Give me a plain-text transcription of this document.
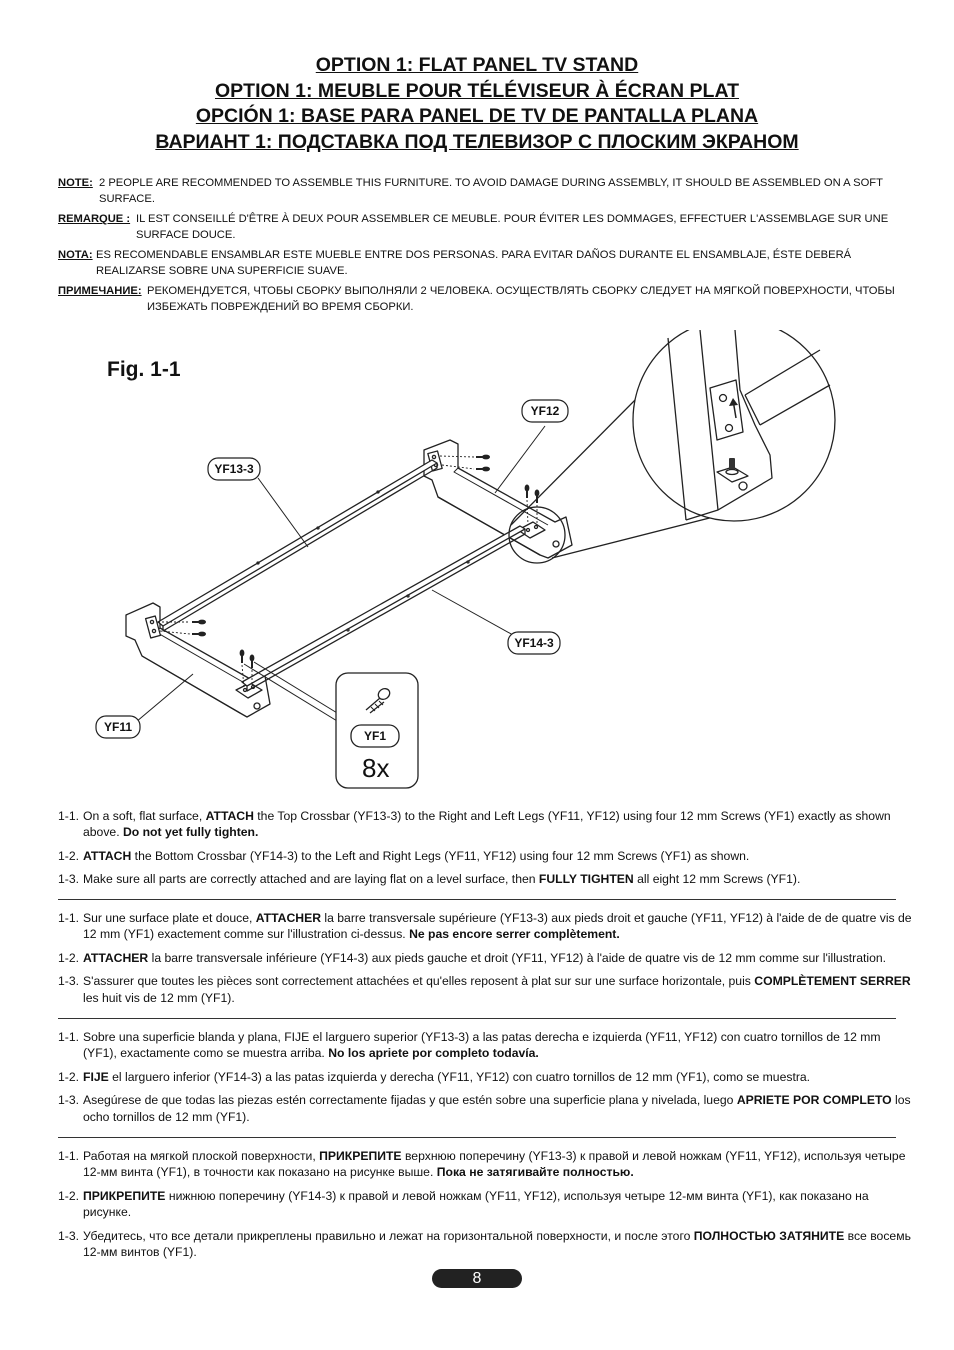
OPTION 1: FLAT PANEL TV STAND
OPTION 1: MEUBLE POUR TÉLÉVISEUR À ÉCRAN PLAT
OPCIÓN 1: BASE PARA PANEL DE TV DE PANTALLA PLANA
ВАРИАНТ 1: ПОДСТАВКА ПОД ТЕЛЕВИЗОР С ПЛОСКИМ ЭКРАНОМ
NOTE: 2 PEOPLE ARE RECOMMENDED TO ASSEMBLE THIS FURNITURE. TO AVOID DAMAGE DURING ASSEMBLY, IT SHOULD BE ASSEMBLED ON A SOFT SURFACE.
REMARQUE : IL EST CONSEILLÉ D'ÊTRE À DEUX POUR ASSEMBLER CE MEUBLE. POUR ÉVITER LES DOMMAGES, EFFECTUER L'ASSEMBLAGE SUR UNE SURFACE DOUCE.
NOTA: ES RECOMENDABLE ENSAMBLAR ESTE MUEBLE ENTRE DOS PERSONAS. PARA EVITAR DAÑOS DURANTE EL ENSAMBLAJE, ÉSTE DEBERÁ REALIZARSE SOBRE UNA SUPERFICIE SUAVE.
ПРИМЕЧАНИЕ: РЕКОМЕНДУЕТСЯ, ЧТОБЫ СБОРКУ ВЫПОЛНЯЛИ 2 ЧЕЛОВЕКА. ОСУЩЕСТВЛЯТЬ СБОРКУ СЛЕДУЕТ НА МЯГКОЙ ПОВЕРХНОСТИ, ЧТОБЫ ИЗБЕЖАТЬ ПОВРЕЖДЕНИЙ ВО ВРЕМЯ СБОРКИ.
Fig. 1-1
YF12
YF13-3
YF14-3
YF11
YF1
8x
1-1. On a soft, flat surface, ATTACH the Top Crossbar (YF13-3) to the Right and Left Legs (YF11, YF12) using four 12 mm Screws (YF1) exactly as shown above. Do not yet fully tighten.
1-2. ATTACH the Bottom Crossbar (YF14-3) to the Left and Right Legs (YF11, YF12) using four 12 mm Screws (YF1) as shown.
1-3. Make sure all parts are correctly attached and are laying flat on a level surface, then FULLY TIGHTEN all eight 12 mm Screws (YF1).
1-1. Sur une surface plate et douce, ATTACHER la barre transversale supérieure (YF13-3) aux pieds droit et gauche (YF11, YF12) à l'aide de de quatre vis de 12 mm (YF1) exactement comme sur l'illustration ci-dessus. Ne pas encore serrer complètement.
1-2. ATTACHER la barre transversale inférieure (YF14-3) aux pieds gauche et droit (YF11, YF12) à l'aide de quatre vis de 12 mm comme sur l'illustration.
1-3. S'assurer que toutes les pièces sont correctement attachées et qu'elles reposent à plat sur sur une surface horizontale, puis COMPLÈTEMENT SERRER les huit vis de 12 mm (YF1).
1-1. Sobre una superficie blanda y plana, FIJE el larguero superior (YF13-3) a las patas derecha e izquierda (YF11, YF12) con cuatro tornillos de 12 mm (YF1), exactamente como se muestra arriba. No los apriete por completo todavía.
1-2. FIJE el larguero inferior (YF14-3) a las patas izquierda y derecha (YF11, YF12) con cuatro tornillos de 12 mm (YF1), como se muestra.
1-3. Asegúrese de que todas las piezas estén correctamente fijadas y que estén sobre una superficie plana y nivelada, luego APRIETE POR COMPLETO los ocho tornillos de 12 mm (YF1).
1-1. Работая на мягкой плоской поверхности, ПРИКРЕПИТЕ верхнюю поперечину (YF13-3) к правой и левой ножкам (YF11, YF12), используя четыре 12-мм винта (YF1), в точности как показано на рисунке выше. Пока не затягивайте полностью.
1-2. ПРИКРЕПИТЕ нижнюю поперечину (YF14-3) к правой и левой ножкам (YF11, YF12), используя четыре 12-мм винта (YF1), как показано на рисунке.
1-3. Убедитесь, что все детали прикреплены правильно и лежат на горизонтальной поверхности, и после этого ПОЛНОСТЬЮ ЗАТЯНИТЕ все восемь 12-мм винтов (YF1).
8
